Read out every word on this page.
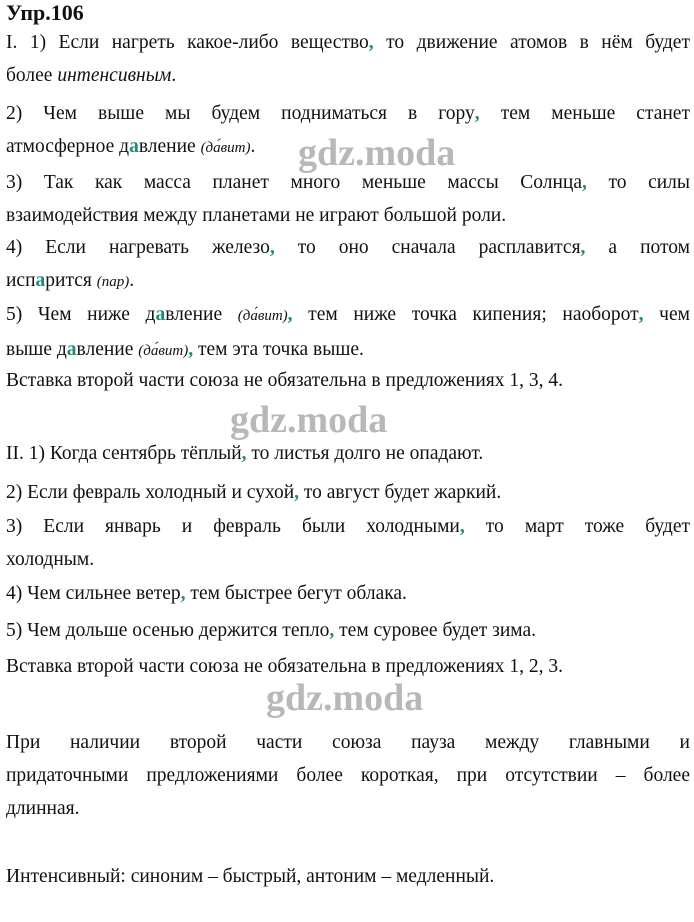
Упр.106
I. 1) Если нагреть какое-либо вещество, то движение атомов в нём будет
более интенсивным.
2) Чем выше мы будем подниматься в гору, тем меньше станет
атмосферное давление (да́вит).
3) Так как масса планет много меньше массы Солнца, то силы
взаимодействия между планетами не играют большой роли.
4) Если нагревать железо, то оно сначала расплавится, а потом
испарится (пар).
5) Чем ниже давление (да́вит), тем ниже точка кипения; наоборот, чем
выше давление (да́вит), тем эта точка выше.
Вставка второй части союза не обязательна в предложениях 1, 3, 4.
II. 1) Когда сентябрь тёплый, то листья долго не опадают.
2) Если февраль холодный и сухой, то август будет жаркий.
3) Если январь и февраль были холодными, то март тоже будет
холодным.
4) Чем сильнее ветер, тем быстрее бегут облака.
5) Чем дольше осенью держится тепло, тем суровее будет зима.
Вставка второй части союза не обязательна в предложениях 1, 2, 3.
При наличии второй части союза пауза между главными и
придаточными предложениями более короткая, при отсутствии – более
длинная.
Интенсивный: синоним – быстрый, антоним – медленный.
gdz.moda
gdz.moda
gdz.moda
